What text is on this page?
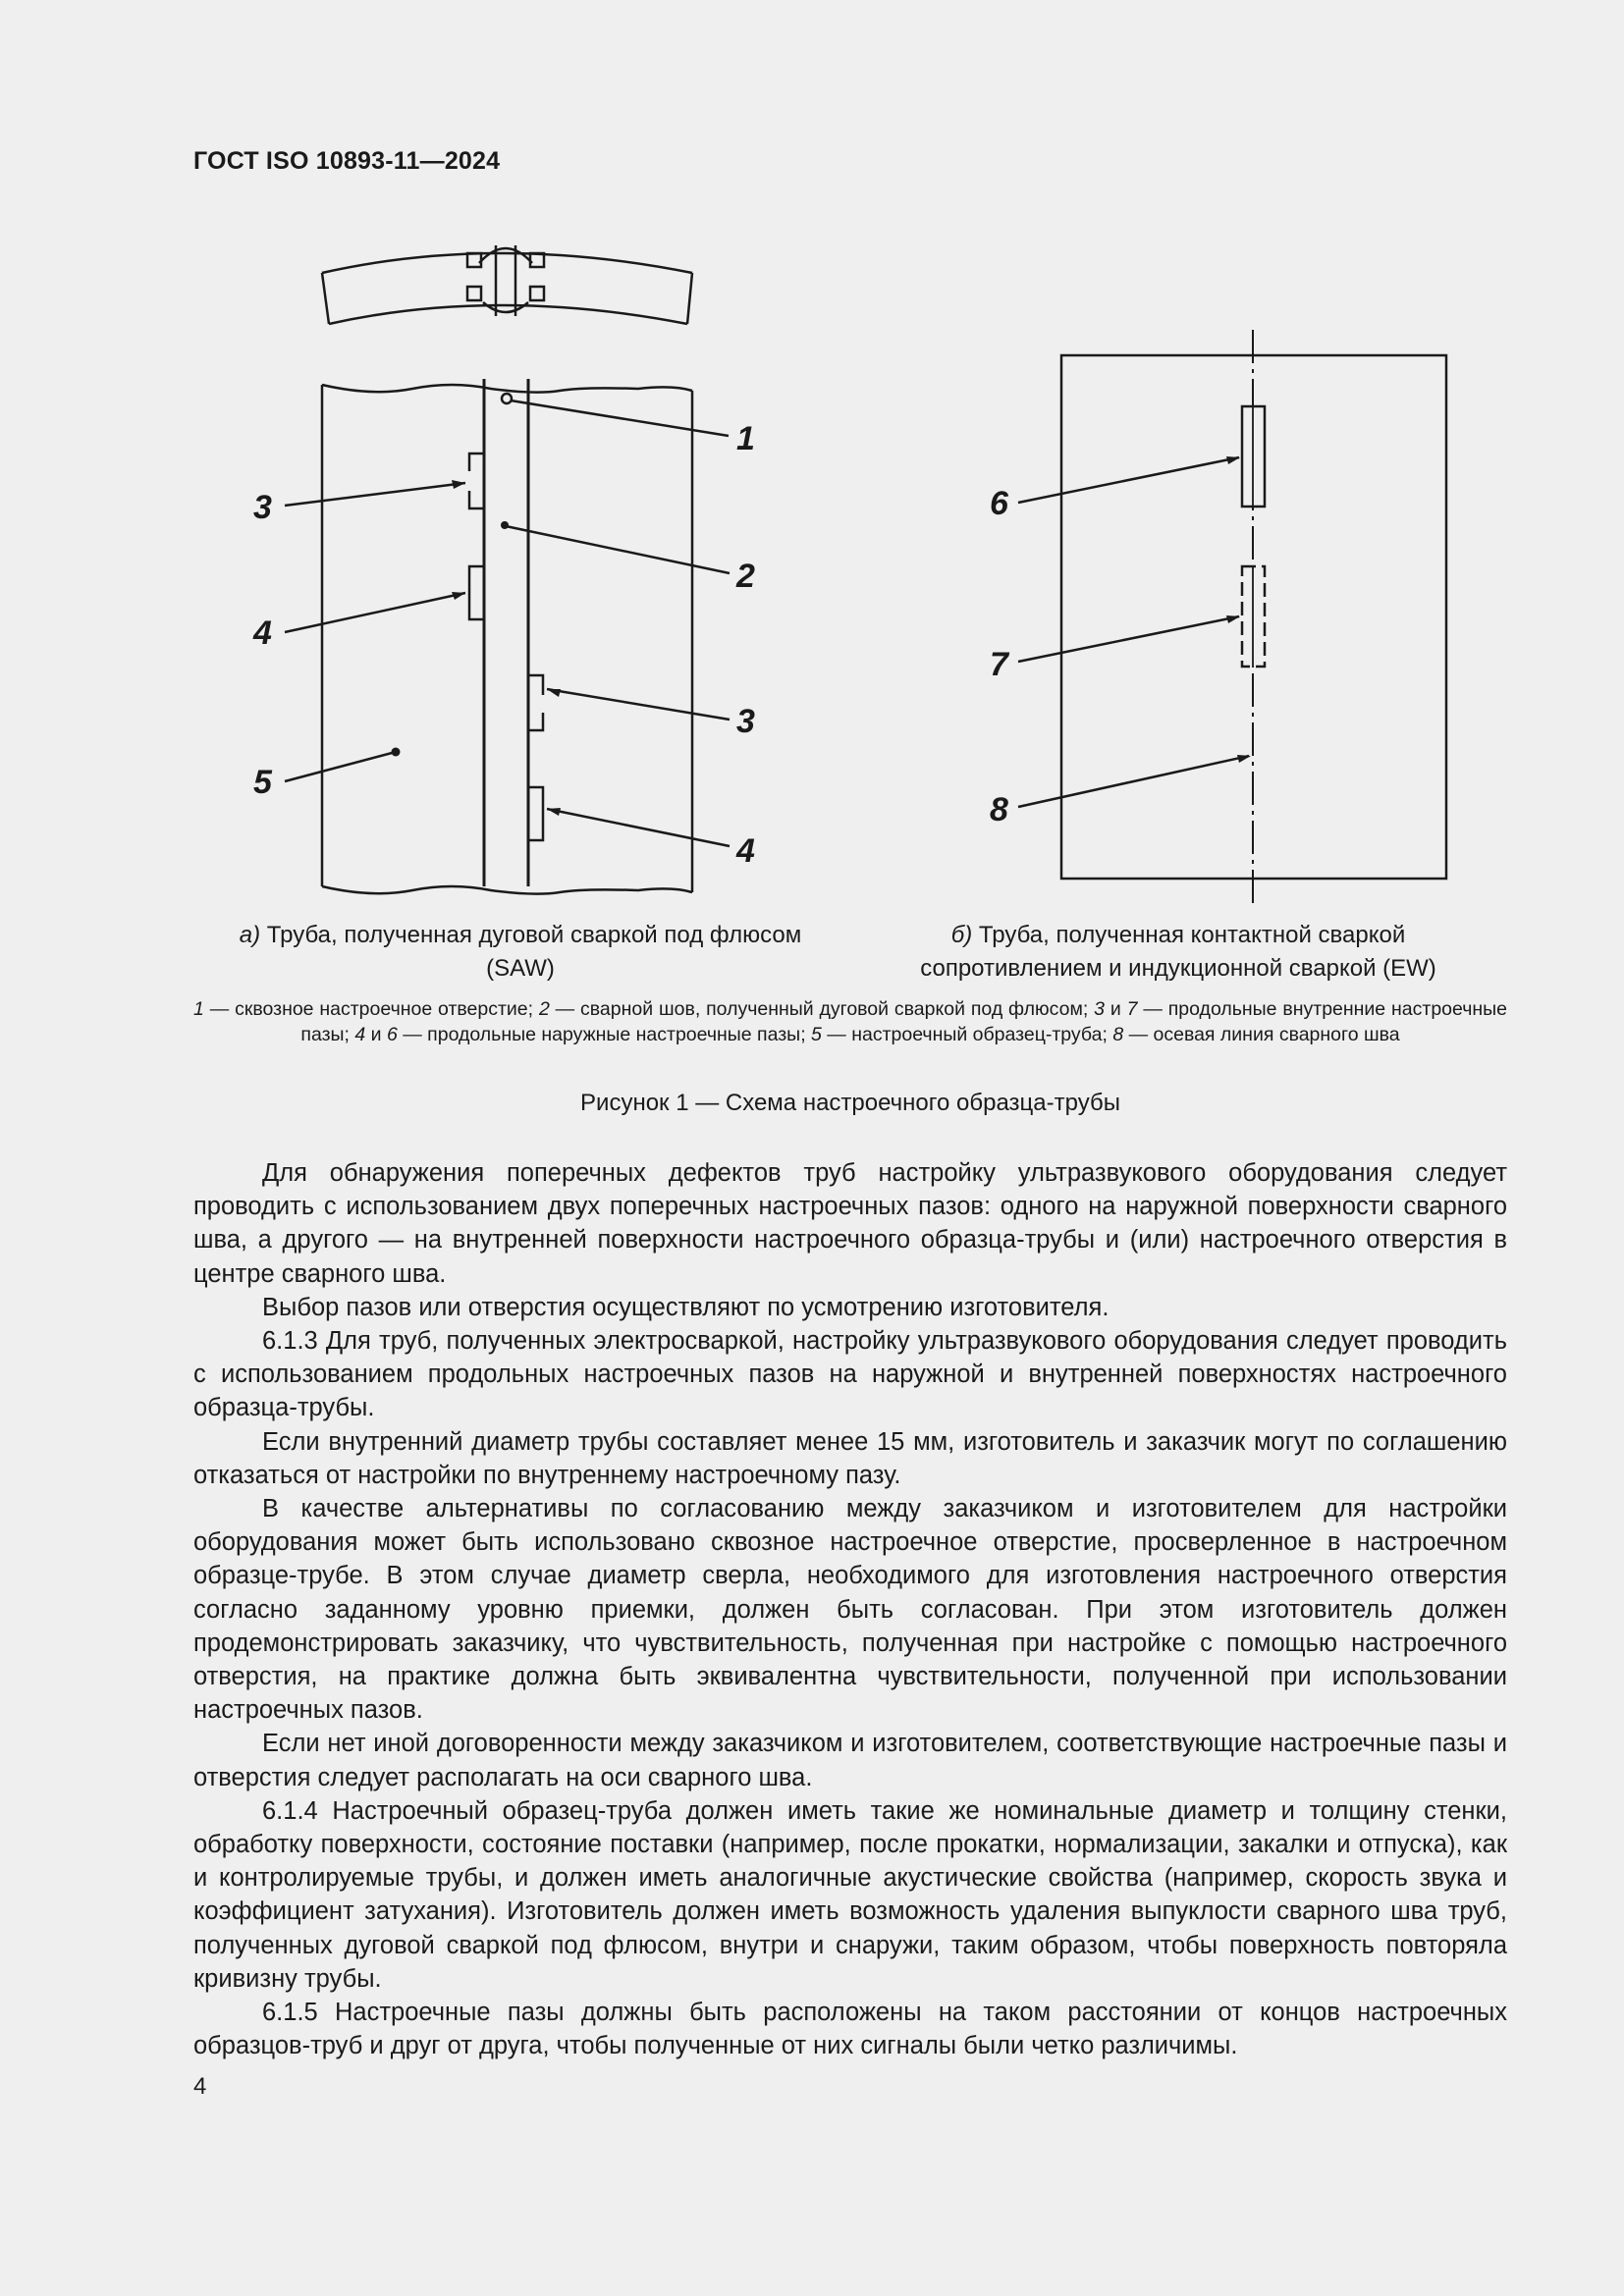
ГОСТ ISO 10893-11—2024
1
2
3
4
3
4
5
6
7
8
а) Труба, полученная дуговой сваркой под флюсом (SAW)
б) Труба, полученная контактной сваркой сопротивлением и индукционной сваркой (EW)
1 — сквозное настроечное отверстие; 2 — сварной шов, полученный дуговой сваркой под флюсом; 3 и 7 — продольные внутренние настроечные пазы; 4 и 6 — продольные наружные настроечные пазы; 5 — настроечный образец-труба; 8 — осевая линия сварного шва
Рисунок 1 — Схема настроечного образца-трубы

Для обнаружения поперечных дефектов труб настройку ультразвукового оборудования следует проводить с использованием двух поперечных настроечных пазов: одного на наружной поверхности сварного шва, а другого — на внутренней поверхности настроечного образца-трубы и (или) настроечного отверстия в центре сварного шва.

Выбор пазов или отверстия осуществляют по усмотрению изготовителя.

6.1.3 Для труб, полученных электросваркой, настройку ультразвукового оборудования следует проводить с использованием продольных настроечных пазов на наружной и внутренней поверхностях настроечного образца-трубы.

Если внутренний диаметр трубы составляет менее 15 мм, изготовитель и заказчик могут по соглашению отказаться от настройки по внутреннему настроечному пазу.

В качестве альтернативы по согласованию между заказчиком и изготовителем для настройки оборудования может быть использовано сквозное настроечное отверстие, просверленное в настроечном образце-трубе. В этом случае диаметр сверла, необходимого для изготовления настроечного отверстия согласно заданному уровню приемки, должен быть согласован. При этом изготовитель должен продемонстрировать заказчику, что чувствительность, полученная при настройке с помощью настроечного отверстия, на практике должна быть эквивалентна чувствительности, полученной при использовании настроечных пазов.

Если нет иной договоренности между заказчиком и изготовителем, соответствующие настроечные пазы и отверстия следует располагать на оси сварного шва.

6.1.4 Настроечный образец-труба должен иметь такие же номинальные диаметр и толщину стенки, обработку поверхности, состояние поставки (например, после прокатки, нормализации, закалки и отпуска), как и контролируемые трубы, и должен иметь аналогичные акустические свойства (например, скорость звука и коэффициент затухания). Изготовитель должен иметь возможность удаления выпуклости сварного шва труб, полученных дуговой сваркой под флюсом, внутри и снаружи, таким образом, чтобы поверхность повторяла кривизну трубы.

6.1.5 Настроечные пазы должны быть расположены на таком расстоянии от концов настроечных образцов-труб и друг от друга, чтобы полученные от них сигналы были четко различимы.

4
